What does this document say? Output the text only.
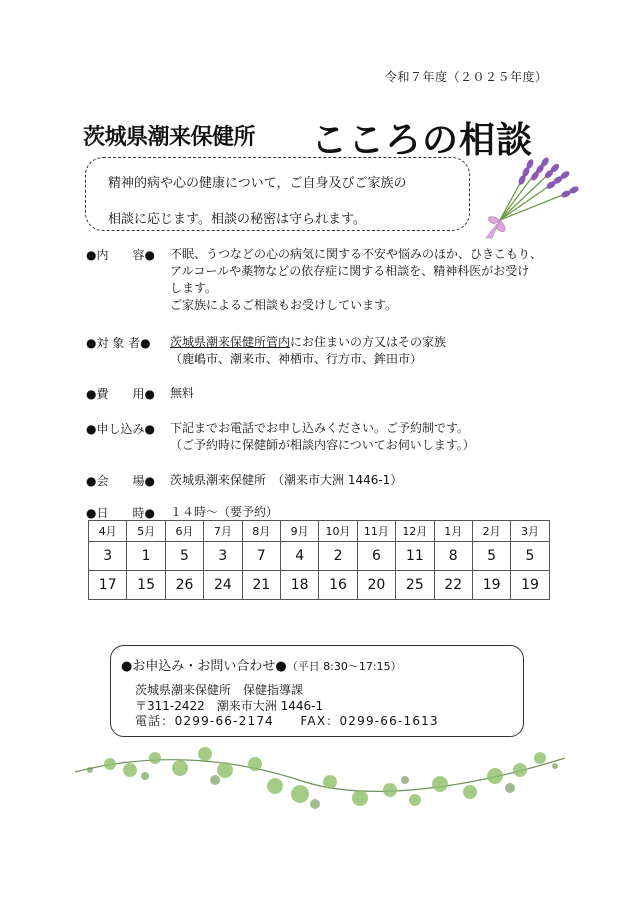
令和７年度（２０２５年度）
茨城県潮来保健所 こころの相談
精神的病や心の健康について，ご自身及びご家族の
相談に応じます。相談の秘密は守られます。
●内　　容● 不眠、うつなどの心の病気に関する不安や悩みのほか、ひきこもり、
アルコールや薬物などの依存症に関する相談を、精神科医がお受け
します。
ご家族によるご相談もお受けしています。
●対 象 者● 茨城県潮来保健所管内にお住まいの方又はその家族
（鹿嶋市、潮来市、神栖市、行方市、鉾田市）
●費　　用● 無料
●申し込み● 下記までお電話でお申し込みください。ご予約制です。
（ご予約時に保健師が相談内容についてお伺いします。）
●会　　場● 茨城県潮来保健所　（潮来市大洲 1446-1）
●日　　時● １４時～（要予約）
4月	5月	6月	7月	8月	9月	10月	11月	12月	1月	2月	3月
3	1	5	3	7	4	2	6	11	8	5	5
17	15	26	24	21	18	16	20	25	22	19	19
●お申込み・お問い合わせ●（平日 8:30～17:15）
茨城県潮来保健所　保健指導課
〒311-2422　潮来市大洲 1446-1
電話：0299-66-2174　　FAX：0299-66-1613
